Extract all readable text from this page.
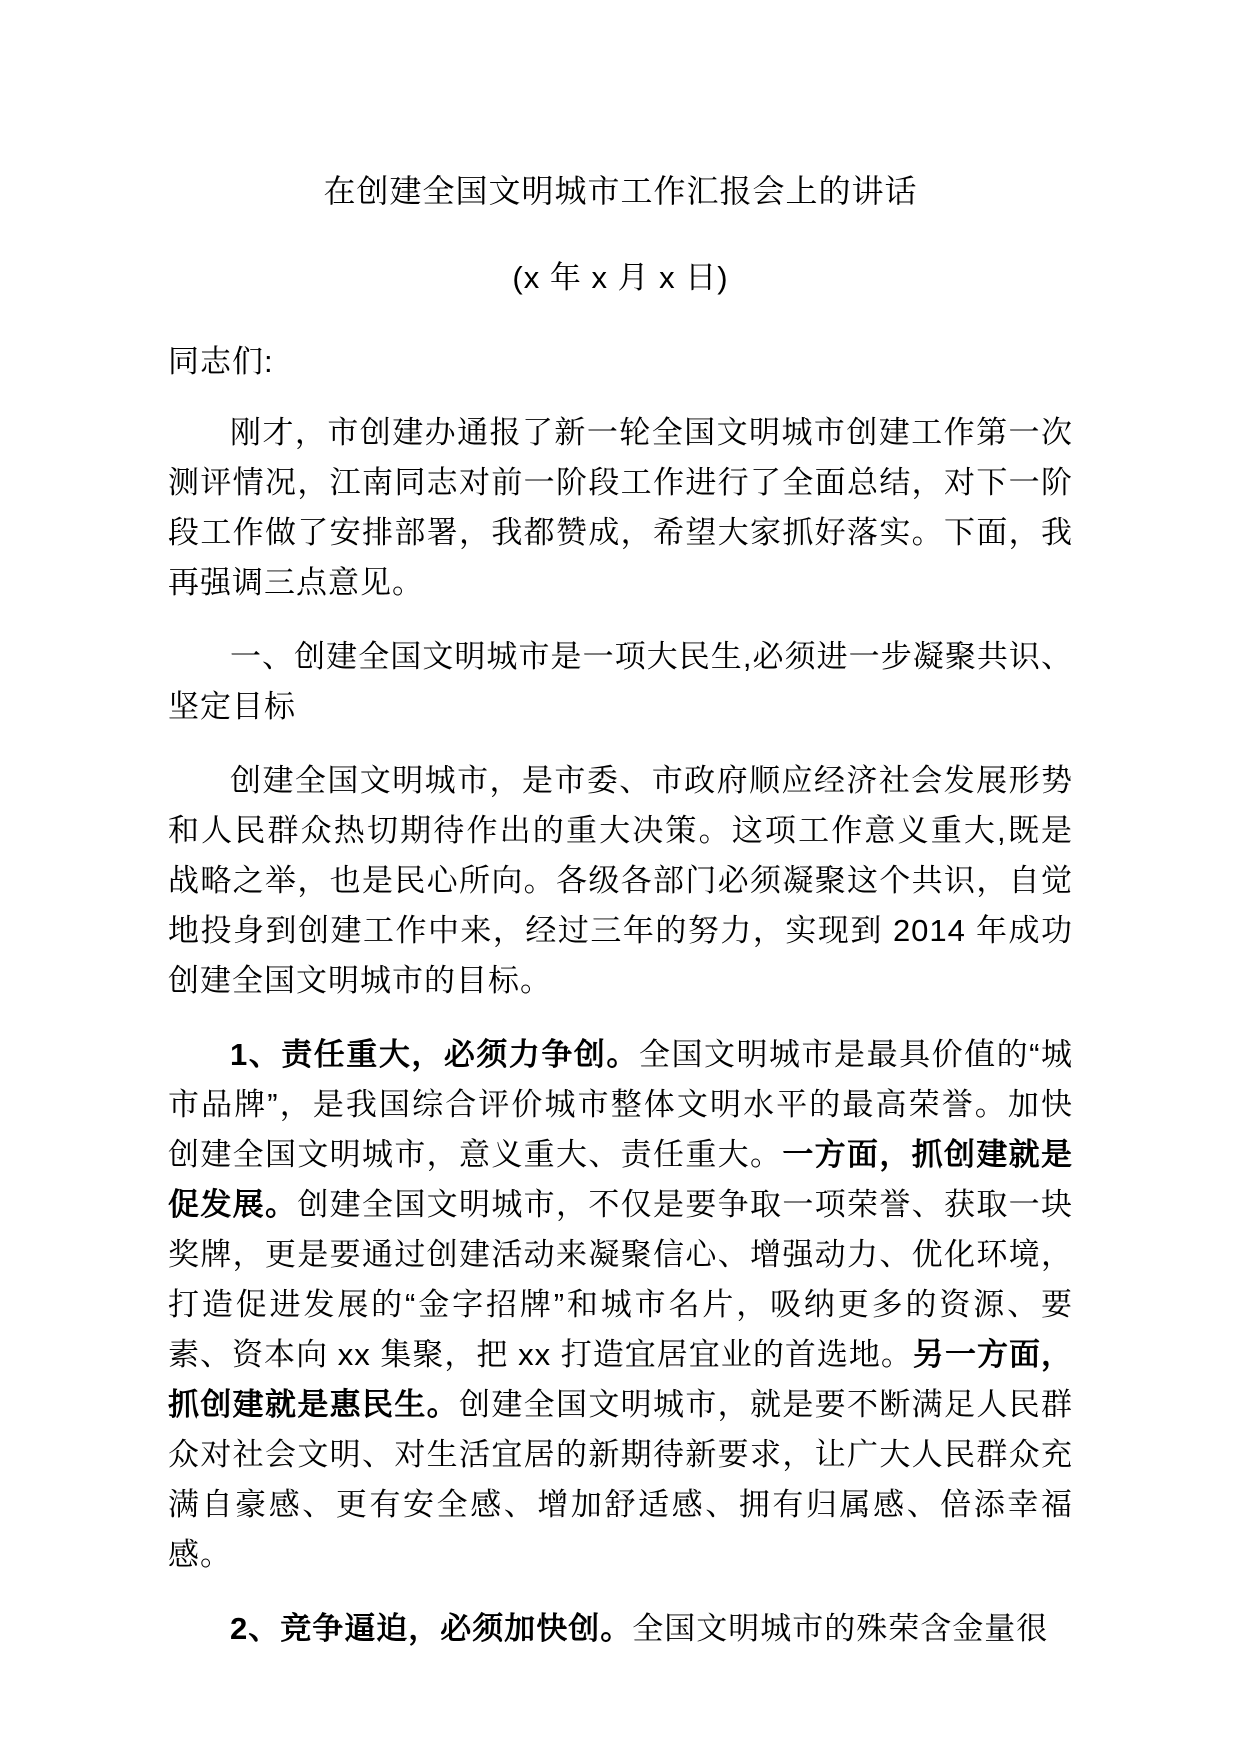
在创建全国文明城市工作汇报会上的讲话

(x 年 x 月 x 日)

同志们:

刚才，市创建办通报了新一轮全国文明城市创建工作第一次测评情况，江南同志对前一阶段工作进行了全面总结，对下一阶段工作做了安排部署，我都赞成，希望大家抓好落实。下面，我再强调三点意见。

一、创建全国文明城市是一项大民生,必须进一步凝聚共识、坚定目标

创建全国文明城市，是市委、市政府顺应经济社会发展形势和人民群众热切期待作出的重大决策。这项工作意义重大,既是战略之举，也是民心所向。各级各部门必须凝聚这个共识，自觉地投身到创建工作中来，经过三年的努力，实现到 2014 年成功创建全国文明城市的目标。

1、责任重大，必须力争创。全国文明城市是最具价值的“城市品牌”，是我国综合评价城市整体文明水平的最高荣誉。加快创建全国文明城市，意义重大、责任重大。一方面，抓创建就是促发展。创建全国文明城市，不仅是要争取一项荣誉、获取一块奖牌，更是要通过创建活动来凝聚信心、增强动力、优化环境，打造促进发展的“金字招牌”和城市名片，吸纳更多的资源、要素、资本向 xx 集聚，把 xx 打造宜居宜业的首选地。另一方面，抓创建就是惠民生。创建全国文明城市，就是要不断满足人民群众对社会文明、对生活宜居的新期待新要求，让广大人民群众充满自豪感、更有安全感、增加舒适感、拥有归属感、倍添幸福感。

2、竞争逼迫，必须加快创。全国文明城市的殊荣含金量很
